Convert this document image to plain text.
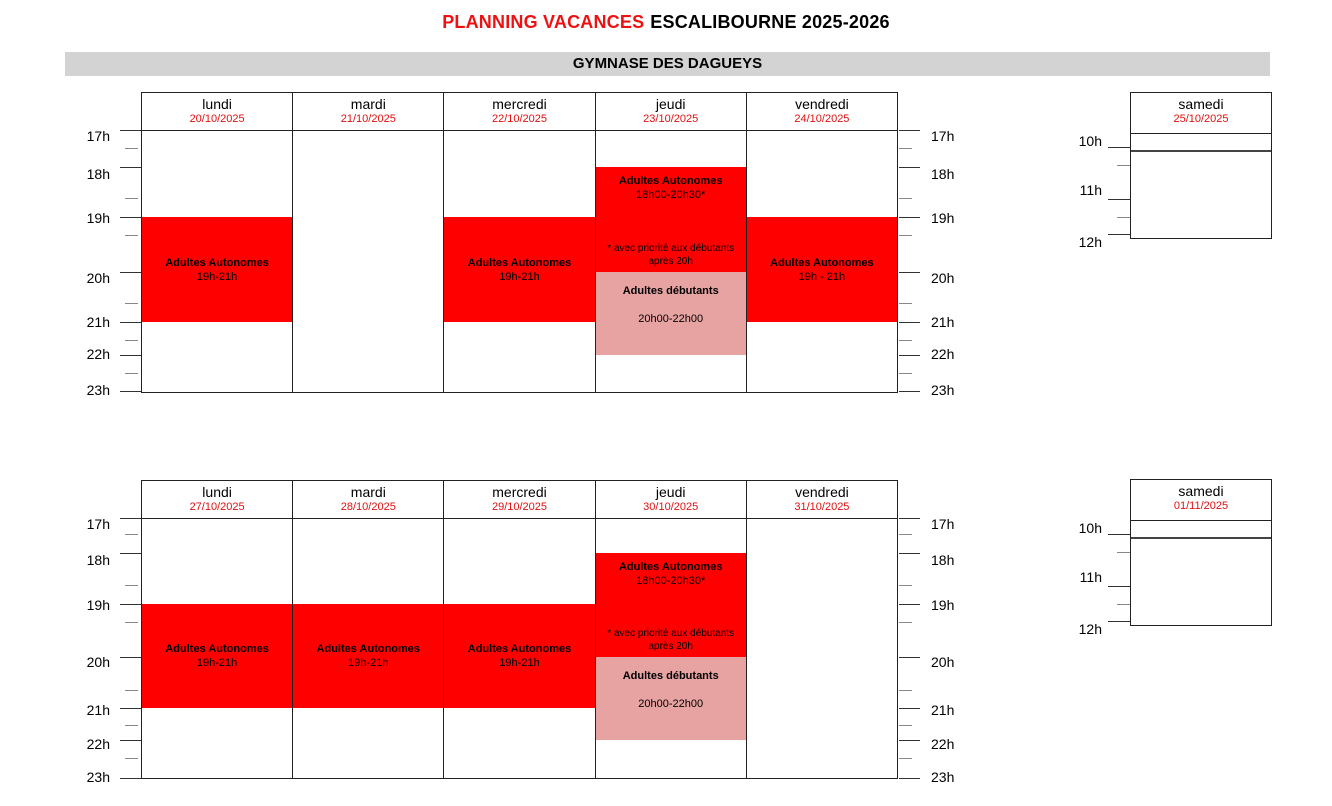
PLANNING VACANCES ESCALIBOURNE 2025-2026
GYMNASE DES DAGUEYS
lundi
20/10/2025
mardi
21/10/2025
mercredi
22/10/2025
jeudi
23/10/2025
vendredi
24/10/2025
Adultes Autonomes
19h-21h
Adultes Autonomes
19h-21h
Adultes Autonomes
18h00-20h30*
* avec priorité aux débutants
après 20h
Adultes débutants
20h00-22h00
Adultes Autonomes
19h - 21h
17h
18h
19h
20h
21h
22h
23h
17h
18h
19h
20h
21h
22h
23h
samedi
25/10/2025
10h
11h
12h
lundi
27/10/2025
mardi
28/10/2025
mercredi
29/10/2025
jeudi
30/10/2025
vendredi
31/10/2025
Adultes Autonomes
19h-21h
Adultes Autonomes
19h-21h
Adultes Autonomes
19h-21h
Adultes Autonomes
18h00-20h30*
* avec priorité aux débutants
après 20h
Adultes débutants
20h00-22h00
17h
18h
19h
20h
21h
22h
23h
17h
18h
19h
20h
21h
22h
23h
samedi
01/11/2025
10h
11h
12h
